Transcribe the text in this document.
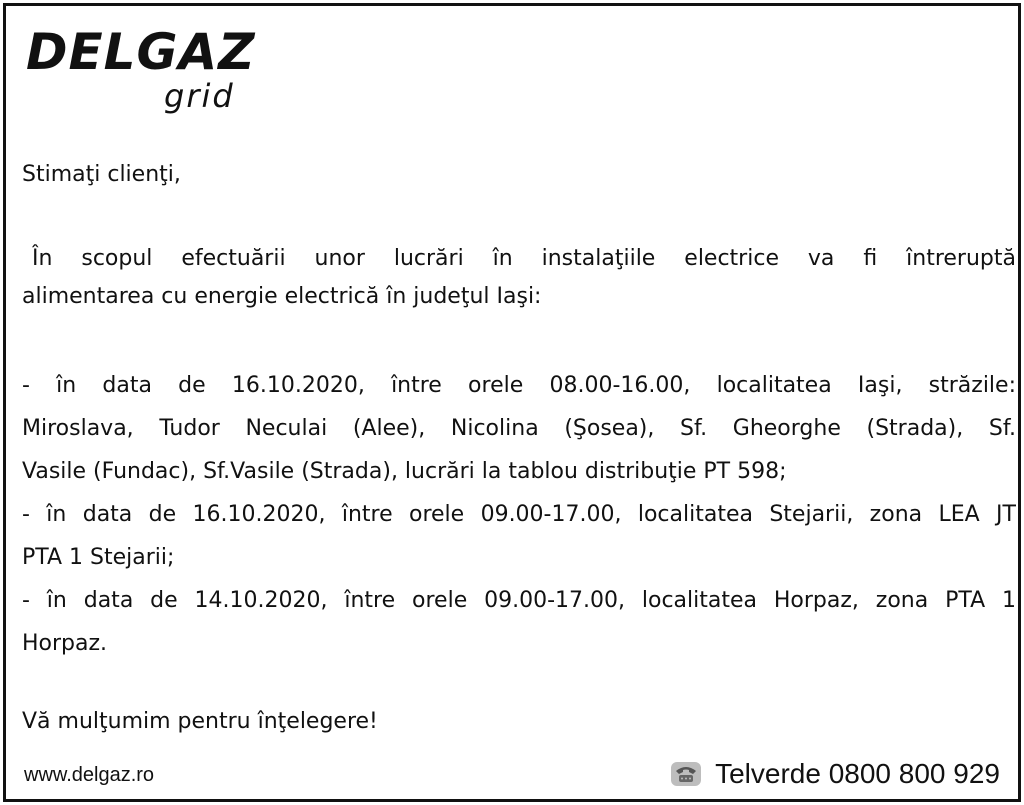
DELGAZ
grid
Stimaţi clienţi,
În scopul efectuării unor lucrări în instalaţiile electrice va fi întreruptă
alimentarea cu energie electrică în judeţul Iaşi:
- în data de 16.10.2020, între orele 08.00-16.00, localitatea Iaşi, străzile:
Miroslava, Tudor Neculai (Alee), Nicolina (Şosea), Sf. Gheorghe (Strada), Sf.
Vasile (Fundac), Sf.Vasile (Strada), lucrări la tablou distribuţie PT 598;
- în data de 16.10.2020, între orele 09.00-17.00, localitatea Stejarii, zona LEA JT
PTA 1 Stejarii;
- în data de 14.10.2020, între orele 09.00-17.00, localitatea Horpaz, zona PTA 1
Horpaz.
Vă mulţumim pentru înţelegere!
www.delgaz.ro	Telverde 0800 800 929
